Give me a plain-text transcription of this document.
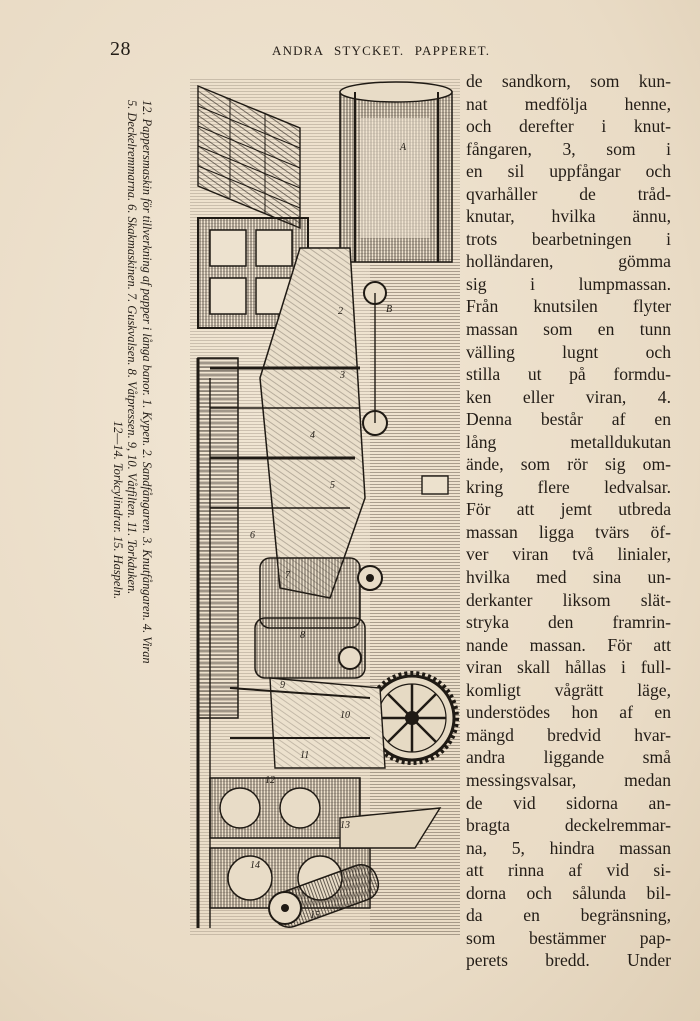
28	ANDRA STYCKET. PAPPERET.
12. Pappersmaskin för tillverkning af papper i långa banor. 1. Kypen. 2. Sandfångaren. 3. Knutfångaren. 4. Viran
5. Deckelremmarna. 6. Skakmaskinen. 7. Guskvalsen. 8. Våtpressen. 9, 10. Våtfilten. 11. Torkduken.
12—14. Torkcylindrar. 15. Haspeln.
A
2	B
3
4
5
6
7
8
9
10
11
12
13
14
15
de sandkorn, som kun-
nat medfölja henne,
och derefter i knut-
fångaren, 3, som i
en sil uppfångar och
qvarhåller de tråd-
knutar, hvilka ännu,
trots bearbetningen i
holländaren, gömma
sig i lumpmassan.
Från knutsilen flyter
massan som en tunn
välling lugnt och
stilla ut på formdu-
ken eller viran, 4.
Denna består af en
lång metalldukutan
ände, som rör sig om-
kring flere ledvalsar.
För att jemt utbreda
massan ligga tvärs öf-
ver viran två linialer,
hvilka med sina un-
derkanter liksom slät-
stryka den framrin-
nande massan. För att
viran skall hållas i full-
komligt vågrätt läge,
understödes hon af en
mängd bredvid hvar-
andra liggande små
messingsvalsar, medan
de vid sidorna an-
bragta deckelremmar-
na, 5, hindra massan
att rinna af vid si-
dorna och sålunda bil-
da en begränsning,
som bestämmer pap-
perets bredd. Under
